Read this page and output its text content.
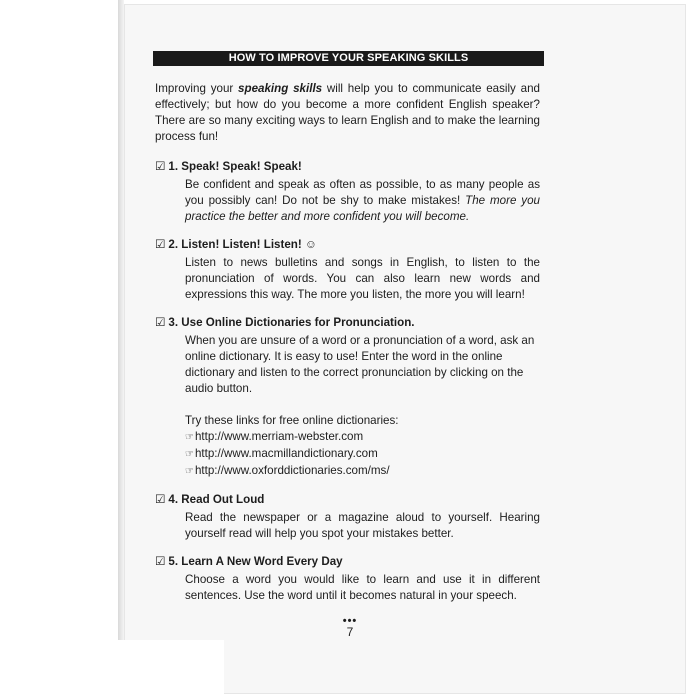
HOW TO IMPROVE YOUR SPEAKING SKILLS

Improving your speaking skills will help you to communicate easily and effectively; but how do you become a more confident English speaker? There are so many exciting ways to learn English and to make the learning process fun!

☑ 1. Speak! Speak! Speak!

Be confident and speak as often as possible, to as many people as you possibly can! Do not be shy to make mistakes! The more you practice the better and more confident you will become.

☑ 2. Listen! Listen! Listen! ☺

Listen to news bulletins and songs in English, to listen to the pronunciation of words. You can also learn new words and expressions this way. The more you listen, the more you will learn!

☑ 3. Use Online Dictionaries for Pronunciation.

When you are unsure of a word or a pronunciation of a word, ask an online dictionary. It is easy to use! Enter the word in the online dictionary and listen to the correct pronunciation by clicking on the audio button.

Try these links for free online dictionaries:

☞http://www.merriam-webster.com

☞http://www.macmillandictionary.com

☞http://www.oxforddictionaries.com/ms/

☑ 4. Read Out Loud

Read the newspaper or a magazine aloud to yourself. Hearing yourself read will help you spot your mistakes better.

☑ 5. Learn A New Word Every Day

Choose a word you would like to learn and use it in different sentences. Use the word until it becomes natural in your speech.

•••
7
